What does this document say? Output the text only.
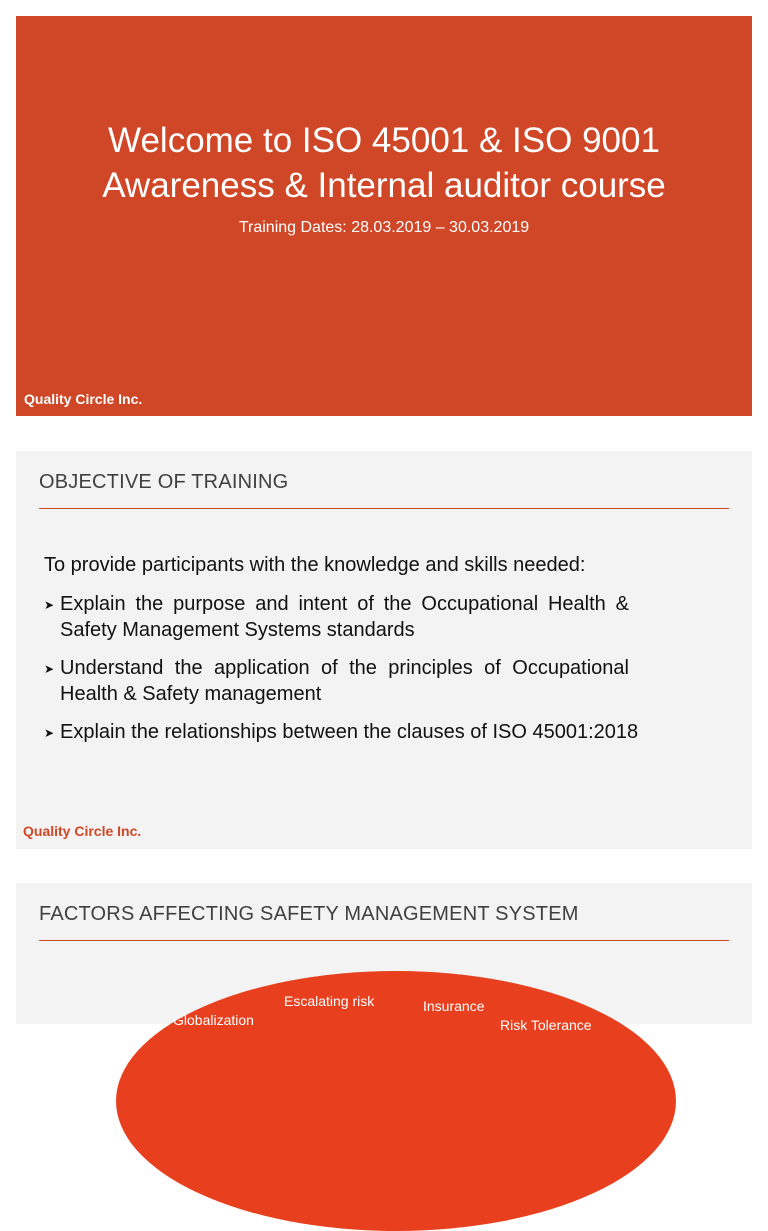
Welcome to ISO 45001 & ISO 9001
Awareness & Internal auditor course
Training Dates: 28.03.2019 – 30.03.2019
Quality Circle Inc.
OBJECTIVE OF TRAINING
To provide participants with the knowledge and skills needed:
➤ Explain the purpose and intent of the Occupational Health & Safety Management Systems standards
➤ Understand the application of the principles of Occupational Health & Safety management
➤ Explain the relationships between the clauses of ISO 45001:2018
Quality Circle Inc.
FACTORS AFFECTING SAFETY MANAGEMENT SYSTEM
Escalating risk	Insurance
Globalization	Risk Tolerance
